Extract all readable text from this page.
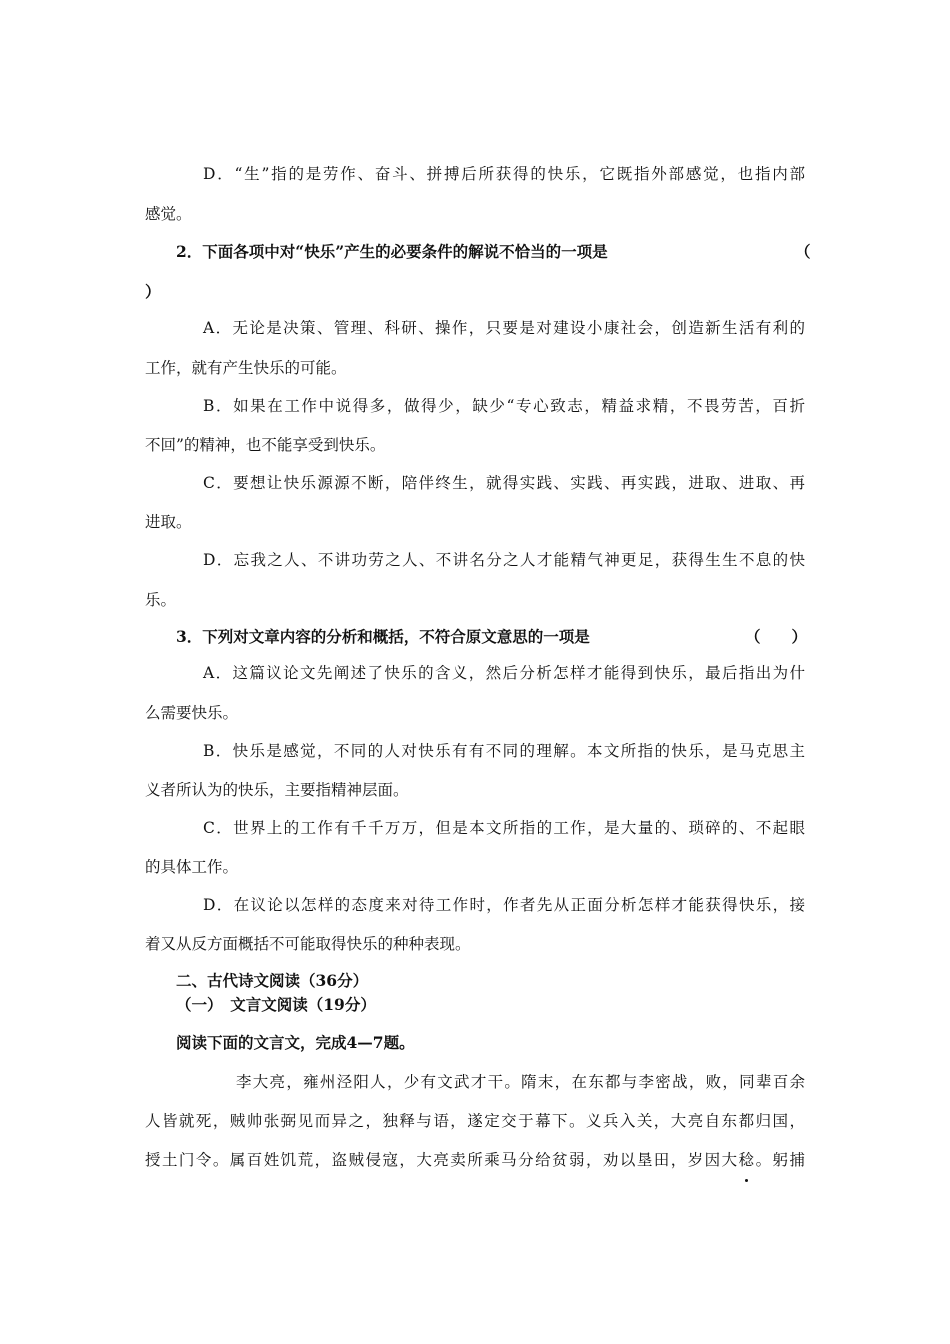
D．“生”指的是劳作、奋斗、拼搏后所获得的快乐，它既指外部感觉，也指内部
感觉。
2．下面各项中对“快乐”产生的必要条件的解说不恰当的一项是	（
）
A．无论是决策、管理、科研、操作，只要是对建设小康社会，创造新生活有利的
工作，就有产生快乐的可能。
B．如果在工作中说得多，做得少，缺少“专心致志，精益求精，不畏劳苦，百折
不回”的精神，也不能享受到快乐。
C．要想让快乐源源不断，陪伴终生，就得实践、实践、再实践，进取、进取、再
进取。
D．忘我之人、不讲功劳之人、不讲名分之人才能精气神更足，获得生生不息的快
乐。
3．下列对文章内容的分析和概括，不符合原文意思的一项是	（　　）
A．这篇议论文先阐述了快乐的含义，然后分析怎样才能得到快乐，最后指出为什
么需要快乐。
B．快乐是感觉，不同的人对快乐有有不同的理解。本文所指的快乐，是马克思主
义者所认为的快乐，主要指精神层面。
C．世界上的工作有千千万万，但是本文所指的工作，是大量的、琐碎的、不起眼
的具体工作。
D．在议论以怎样的态度来对待工作时，作者先从正面分析怎样才能获得快乐，接
着又从反方面概括不可能取得快乐的种种表现。
二、古代诗文阅读（36分）
（一）　文言文阅读（19分）
阅读下面的文言文，完成4—7题。
李大亮，雍州泾阳人，少有文武才干。隋末，在东都与李密战，败，同辈百余
人皆就死，贼帅张弼见而异之，独释与语，遂定交于幕下。义兵入关，大亮自东都归国，
授土门令。属百姓饥荒，盗贼侵寇，大亮卖所乘马分给贫弱，劝以垦田，岁因大稔。躬捕
